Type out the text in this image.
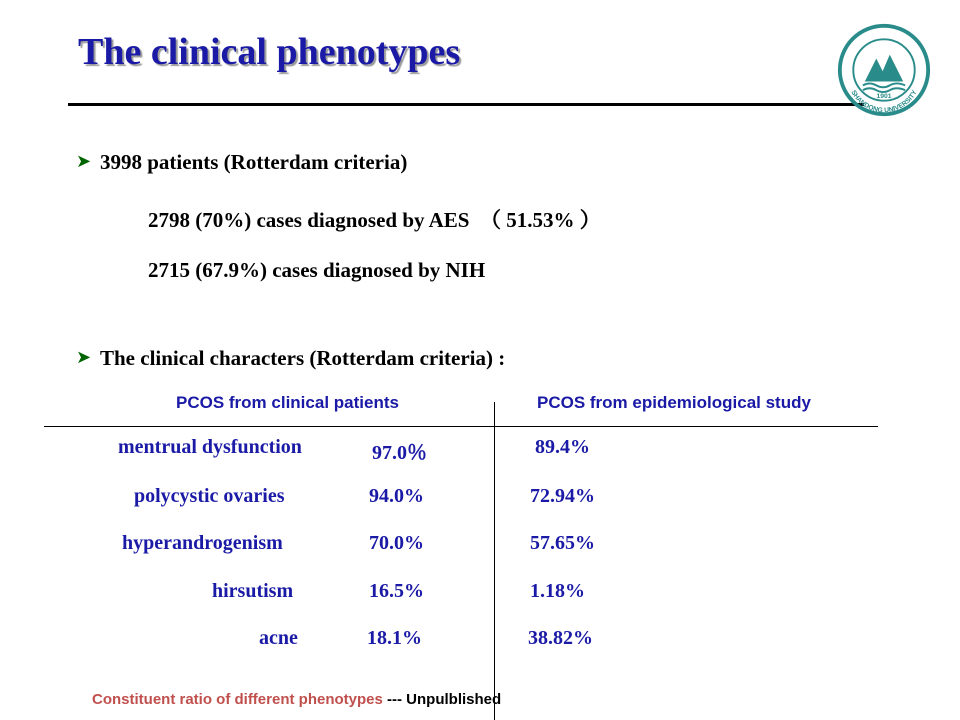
The clinical phenotypes
1901
SHANDONG UNIVERSITY
➤ 3998 patients (Rotterdam criteria)
2798 (70%) cases diagnosed by AES　（ 51.53% ）
2715 (67.9%) cases diagnosed by NIH
➤ The clinical characters (Rotterdam criteria) :
PCOS from clinical patients	PCOS from epidemiological study
mentrual dysfunction	97.0％	89.4%
polycystic ovaries	94.0%	72.94%
hyperandrogenism	70.0%	57.65%
hirsutism	16.5%	1.18%
acne	18.1%	38.82%
Constituent ratio of different phenotypes --- Unpulblished
